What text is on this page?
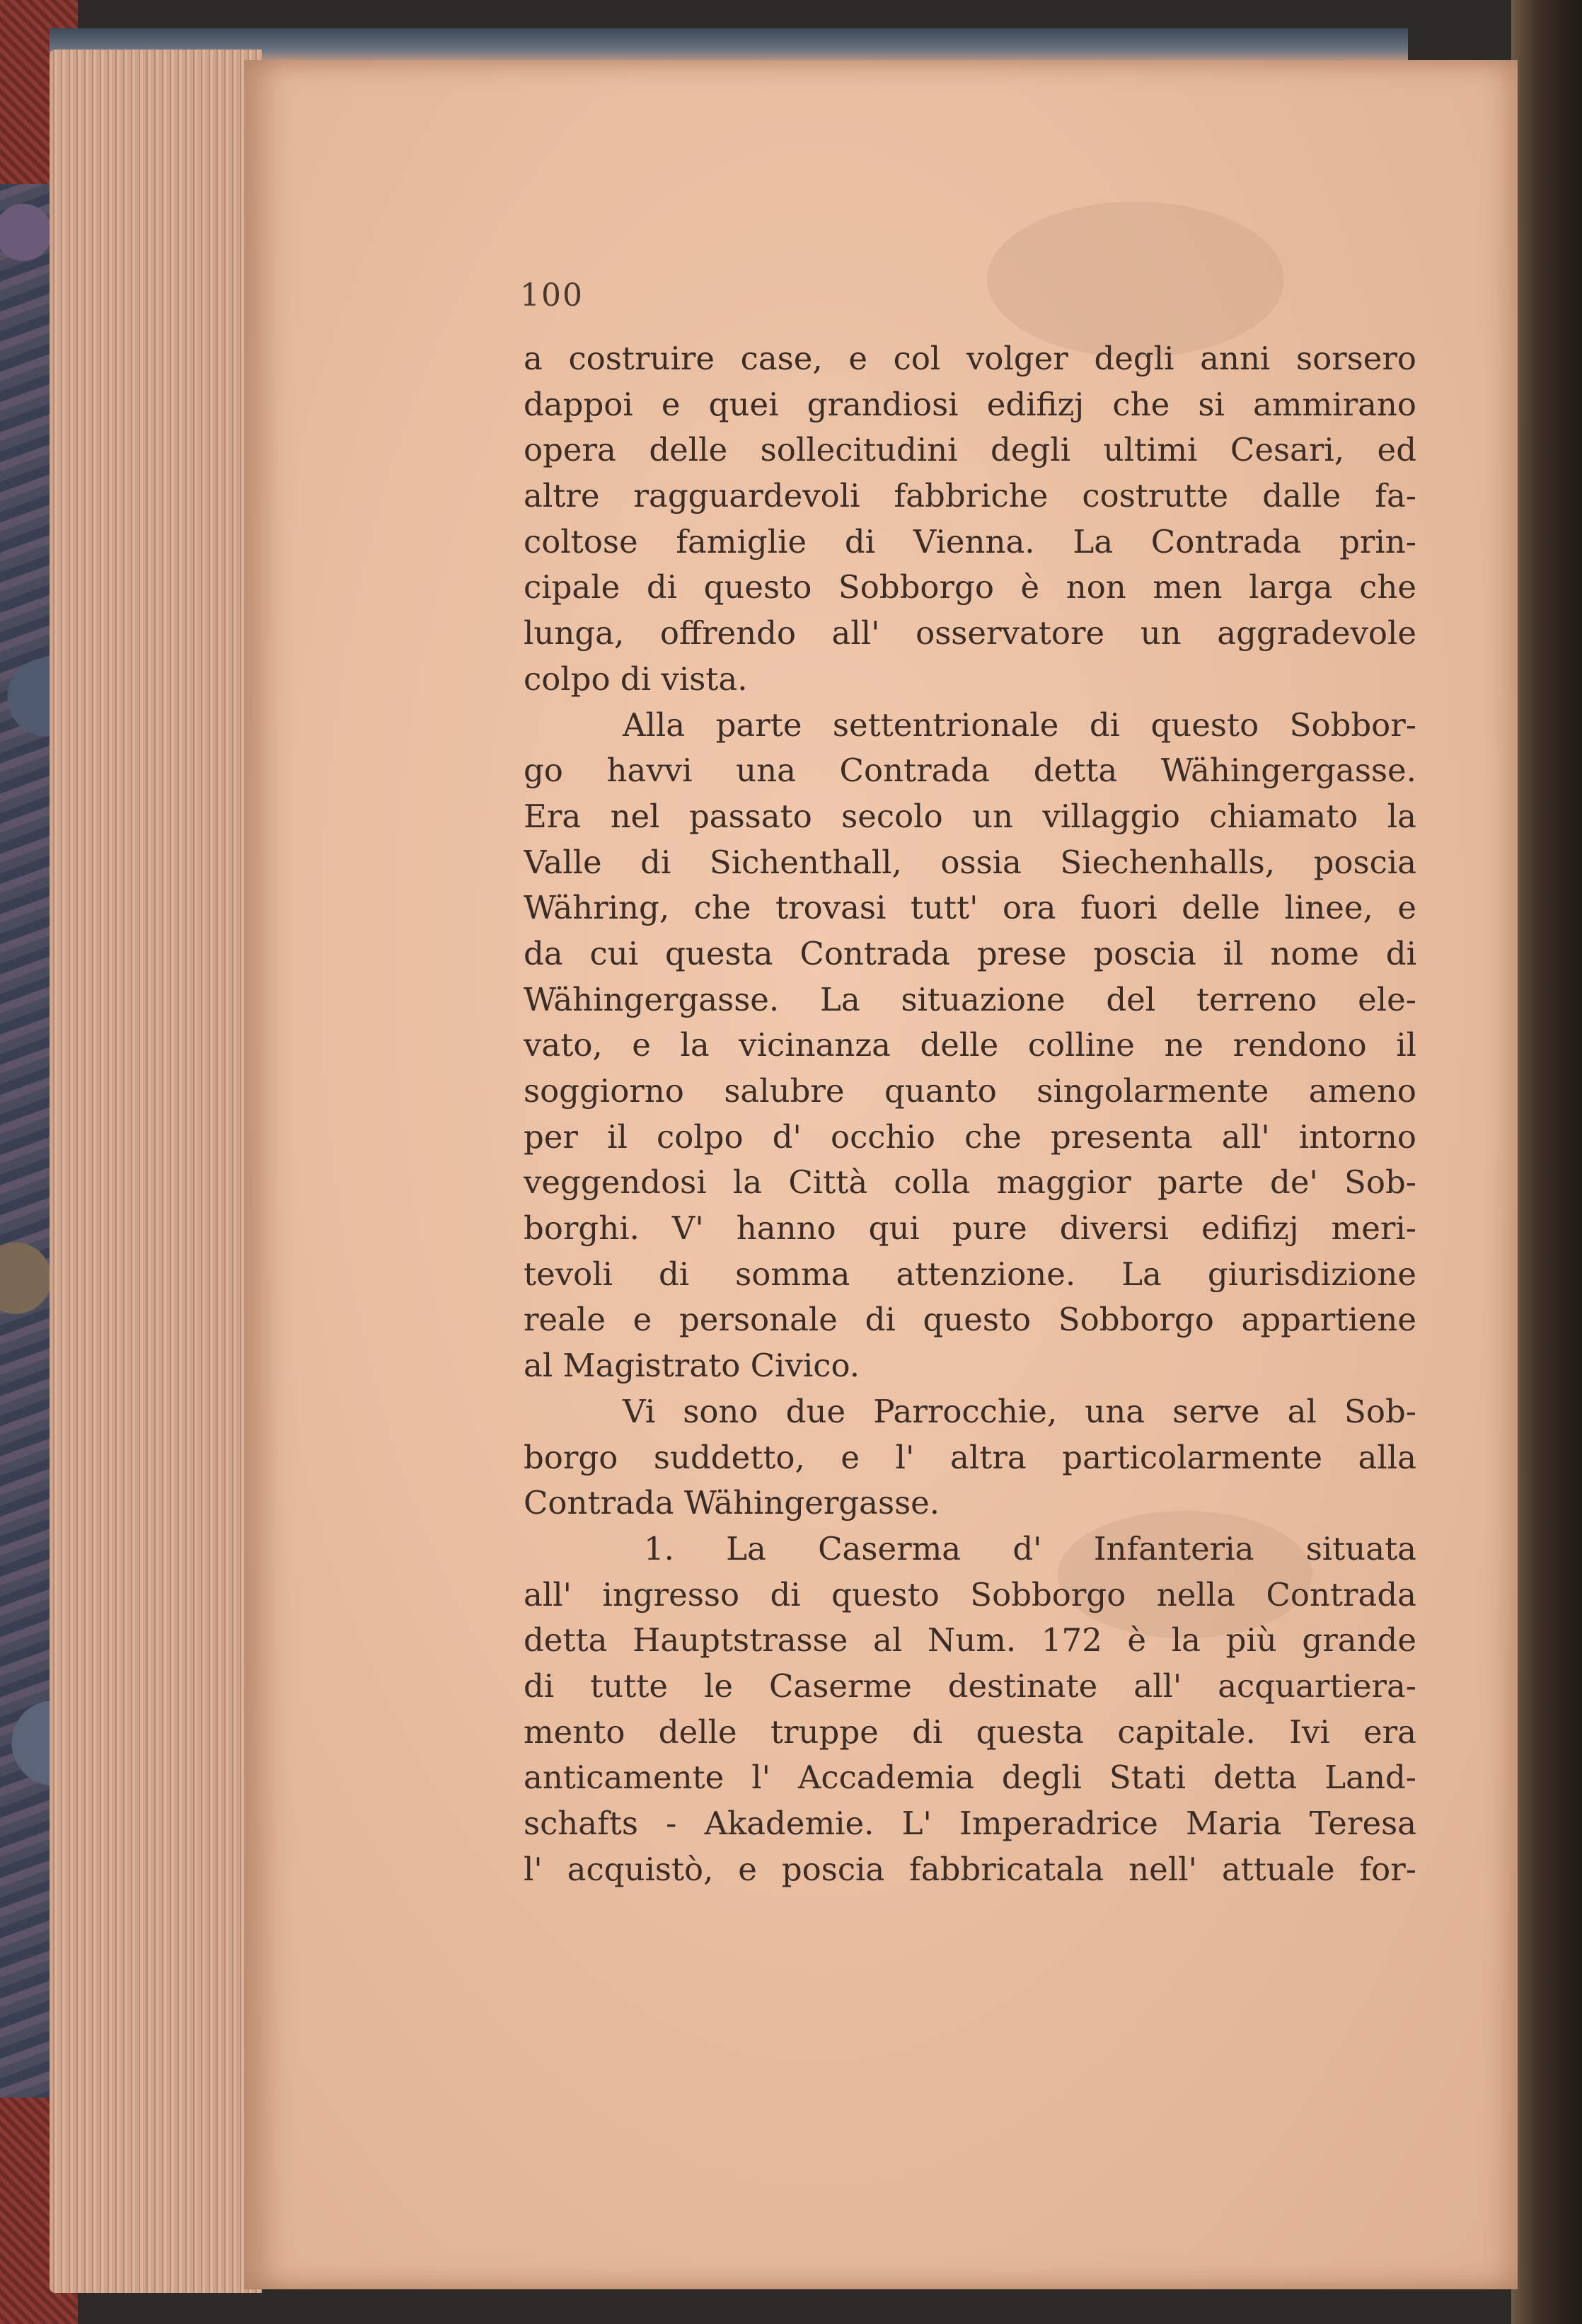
100
a costruire case, e col volger degli anni sorsero
dappoi e quei grandiosi edifizj che si ammirano
opera delle sollecitudini degli ultimi Cesari, ed
altre ragguardevoli fabbriche costrutte dalle fa-
coltose famiglie di Vienna. La Contrada prin-
cipale di questo Sobborgo è non men larga che
lunga, offrendo all' osservatore un aggradevole
colpo di vista.
Alla parte settentrionale di questo Sobbor-
go havvi una Contrada detta Wähingergasse.
Era nel passato secolo un villaggio chiamato la
Valle di Sichenthall, ossia Siechenhalls, poscia
Währing, che trovasi tutt' ora fuori delle linee, e
da cui questa Contrada prese poscia il nome di
Wähingergasse. La situazione del terreno ele-
vato, e la vicinanza delle colline ne rendono il
soggiorno salubre quanto singolarmente ameno
per il colpo d' occhio che presenta all' intorno
veggendosi la Città colla maggior parte de' Sob-
borghi. V' hanno qui pure diversi edifizj meri-
tevoli di somma attenzione. La giurisdizione
reale e personale di questo Sobborgo appartiene
al Magistrato Civico.
Vi sono due Parrocchie, una serve al Sob-
borgo suddetto, e l' altra particolarmente alla
Contrada Wähingergasse.
1. La Caserma d' Infanteria situata
all' ingresso di questo Sobborgo nella Contrada
detta Hauptstrasse al Num. 172 è la più grande
di tutte le Caserme destinate all' acquartiera-
mento delle truppe di questa capitale. Ivi era
anticamente l' Accademia degli Stati detta Land-
schafts - Akademie. L' Imperadrice Maria Teresa
l' acquistò, e poscia fabbricatala nell' attuale for-
